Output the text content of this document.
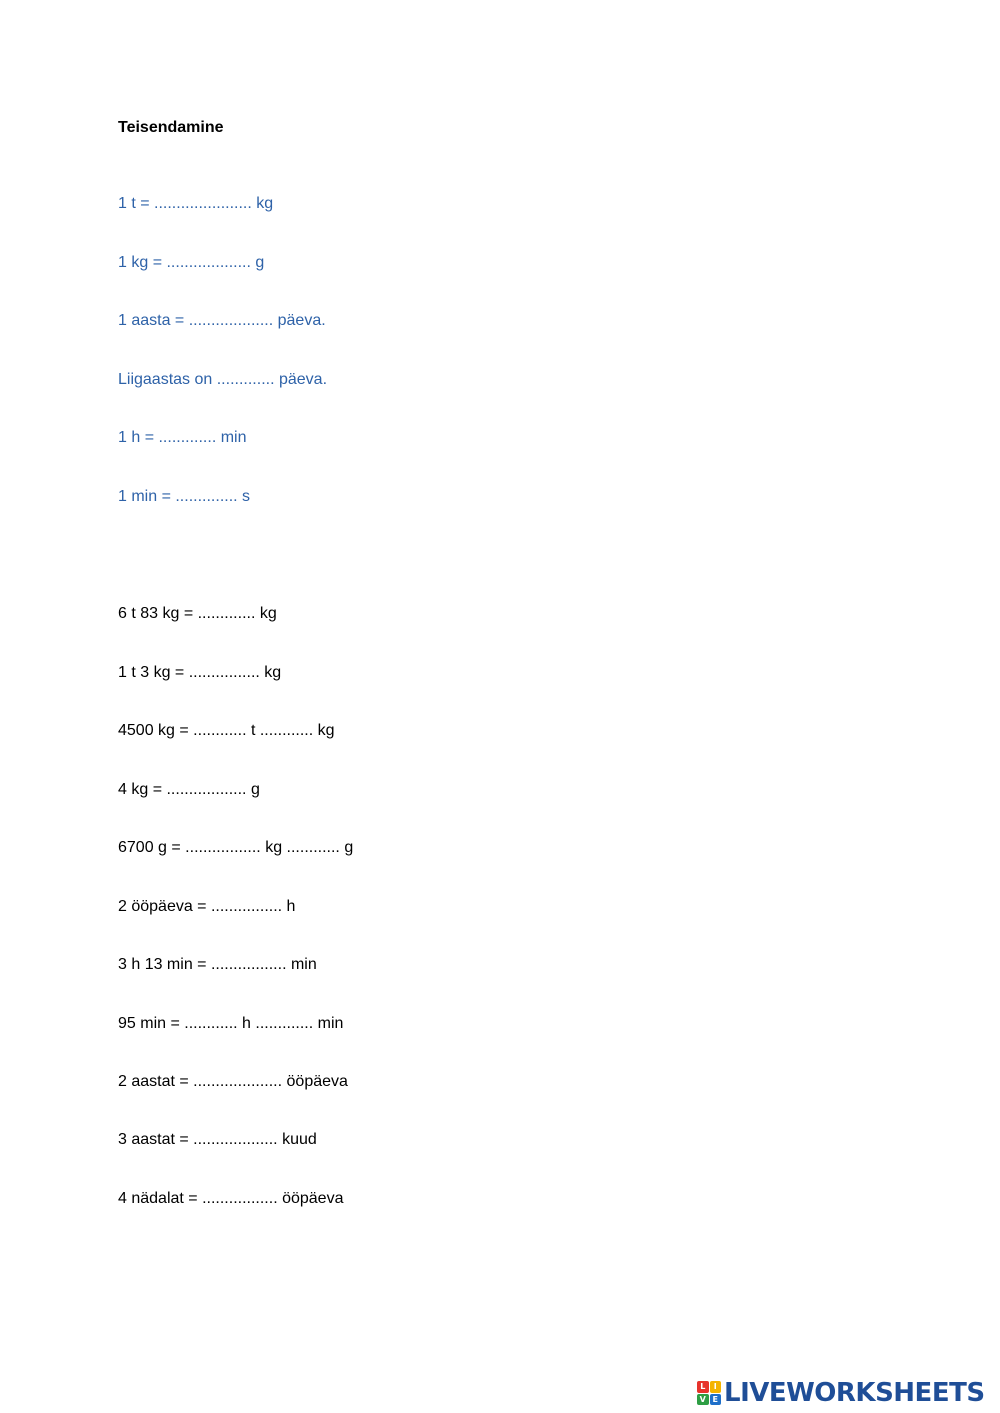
Teisendamine
1 t = ...................... kg
1 kg = ................... g
1 aasta = ................... päeva.
Liigaastas on ............. päeva.
1 h = ............. min
1 min = .............. s
6 t 83 kg = ............. kg
1 t 3 kg = ................ kg
4500 kg = ............ t ............ kg
4 kg = .................. g
6700 g = ................. kg ............ g
2 ööpäeva = ................ h
3 h 13 min = ................. min
95 min = ............ h ............. min
2 aastat = .................... ööpäeva
3 aastat = ................... kuud
4 nädalat = ................. ööpäeva
L	I
V E LIVEWORKSHEETS
